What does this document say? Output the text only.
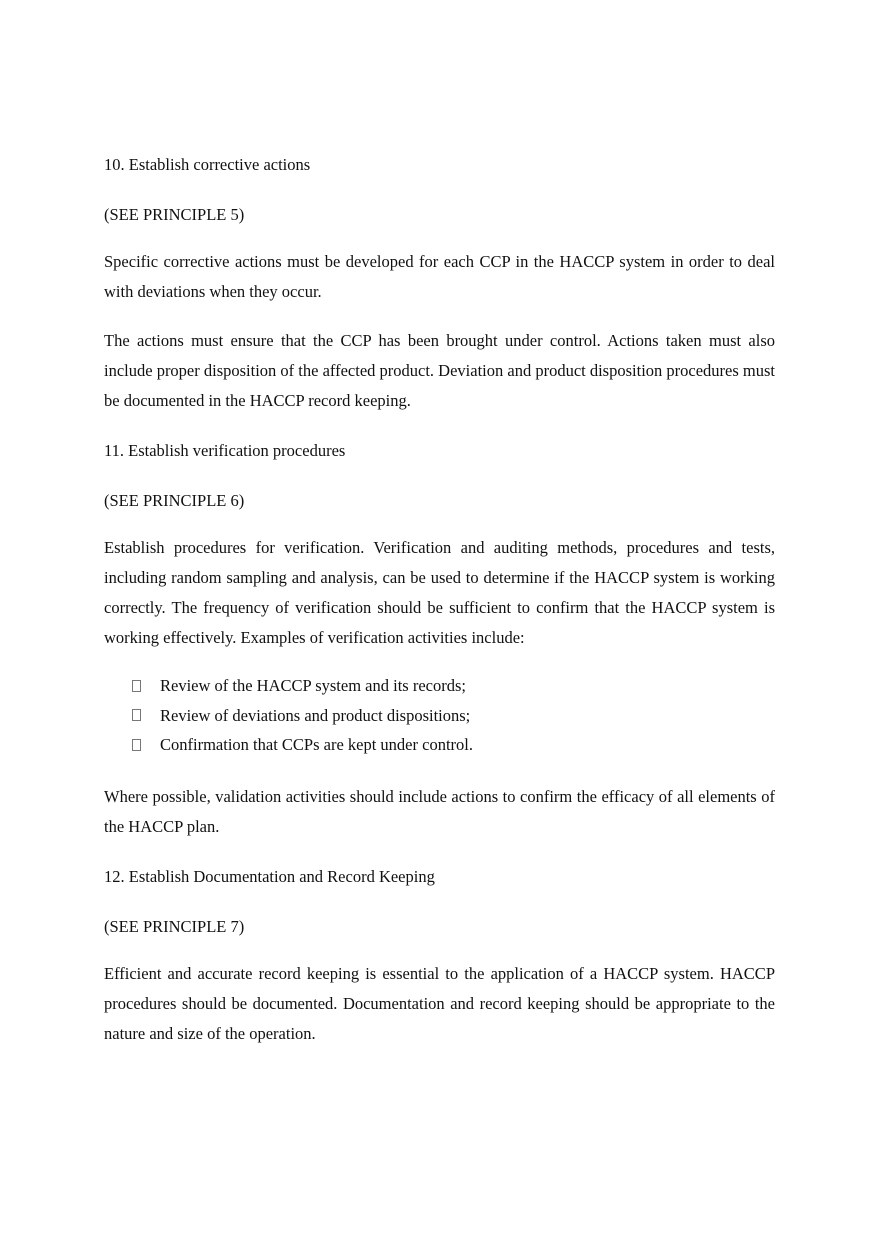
10. Establish corrective actions

(SEE PRINCIPLE 5)

Specific corrective actions must be developed for each CCP in the HACCP system in order to deal with deviations when they occur.

The actions must ensure that the CCP has been brought under control. Actions taken must also include proper disposition of the affected product. Deviation and product disposition procedures must be documented in the HACCP record keeping.

11. Establish verification procedures

(SEE PRINCIPLE 6)

Establish procedures for verification. Verification and auditing methods, procedures and tests, including random sampling and analysis, can be used to determine if the HACCP system is working correctly. The frequency of verification should be sufficient to confirm that the HACCP system is working effectively. Examples of verification activities include:

Review of the HACCP system and its records;
Review of deviations and product dispositions;
Confirmation that CCPs are kept under control.

Where possible, validation activities should include actions to confirm the efficacy of all elements of the HACCP plan.

12. Establish Documentation and Record Keeping

(SEE PRINCIPLE 7)

Efficient and accurate record keeping is essential to the application of a HACCP system. HACCP procedures should be documented. Documentation and record keeping should be appropriate to the nature and size of the operation.
